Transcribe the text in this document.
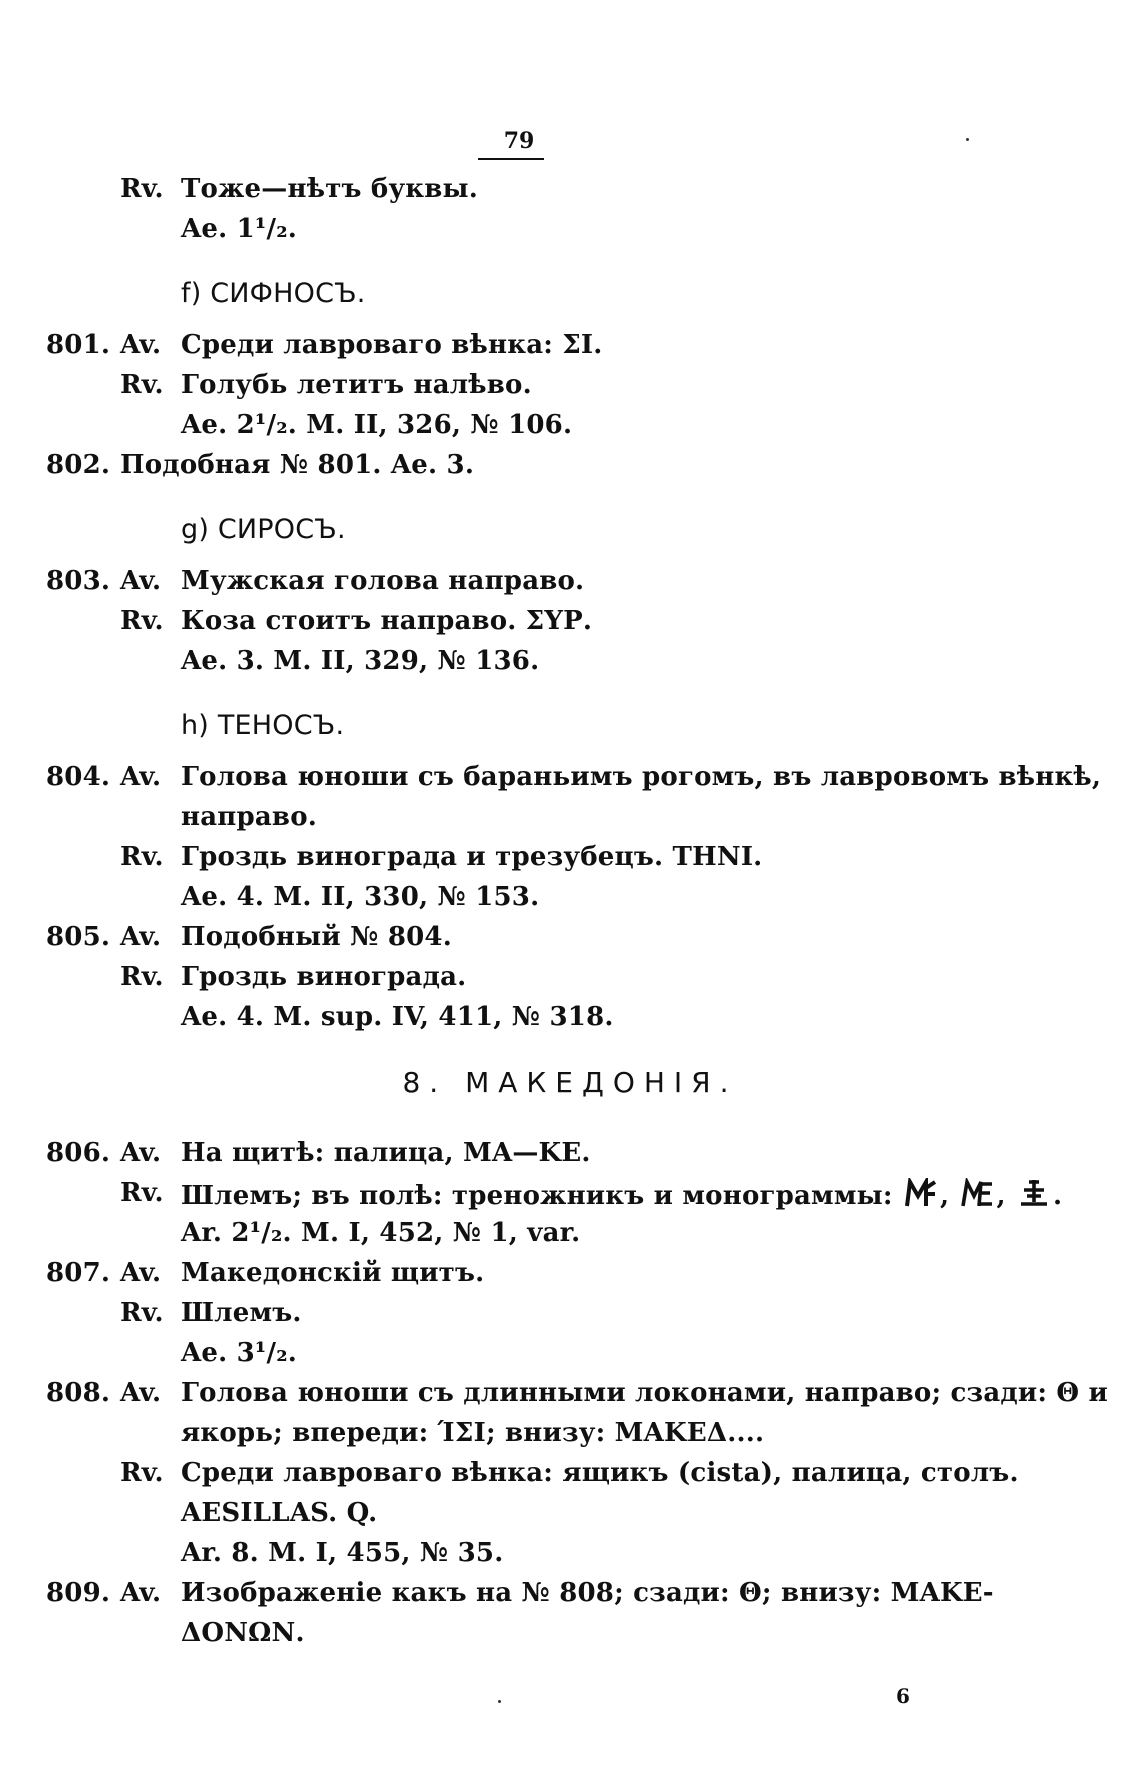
79
Rv. Тоже—нѣтъ буквы.
Ae. 1¹/₂.
f) СИФНОСЪ.
801. Av. Среди лавроваго вѣнка: ΣΙ.
Rv. Голубь летитъ налѣво.
Ae. 2¹/₂. M. II, 326, № 106.
802. Подобная № 801. Ae. 3.
g) СИРОСЪ.
803. Av. Мужская голова направо.
Rv. Коза стоитъ направо. ΣΥΡ.
Ae. 3. M. II, 329, № 136.
h) ТЕНОСЪ.
804. Av. Голова юноши съ бараньимъ рогомъ, въ лавровомъ вѣнкѣ,
направо.
Rv. Гроздь винограда и трезубецъ. ΤΗΝΙ.
Ae. 4. M. II, 330, № 153.
805. Av. Подобный № 804.
Rv. Гроздь винограда.
Ae. 4. M. sup. IV, 411, № 318.
8. МАКЕДОНІЯ.
806. Av. На щитѣ: палица, ΜΑ—ΚΕ.
Rv. Шлемъ; въ полѣ: треножникъ и монограммы: , , .
Ar. 2¹/₂. M. I, 452, № 1, var.
807. Av. Македонскій щитъ.
Rv. Шлемъ.
Ae. 3¹/₂.
808. Av. Голова юноши съ длинными локонами, направо; сзади: Θ и
якорь; впереди: ΊΣΙ; внизу: ΜΑΚΕΔ....
Rv. Среди лавроваго вѣнка: ящикъ (cista), палица, столъ.
AESILLAS. Q.
Ar. 8. M. I, 455, № 35.
809. Av. Изображеніе какъ на № 808; сзади: Θ; внизу: ΜΑΚΕ-
ΔΟΝΩΝ.
6
